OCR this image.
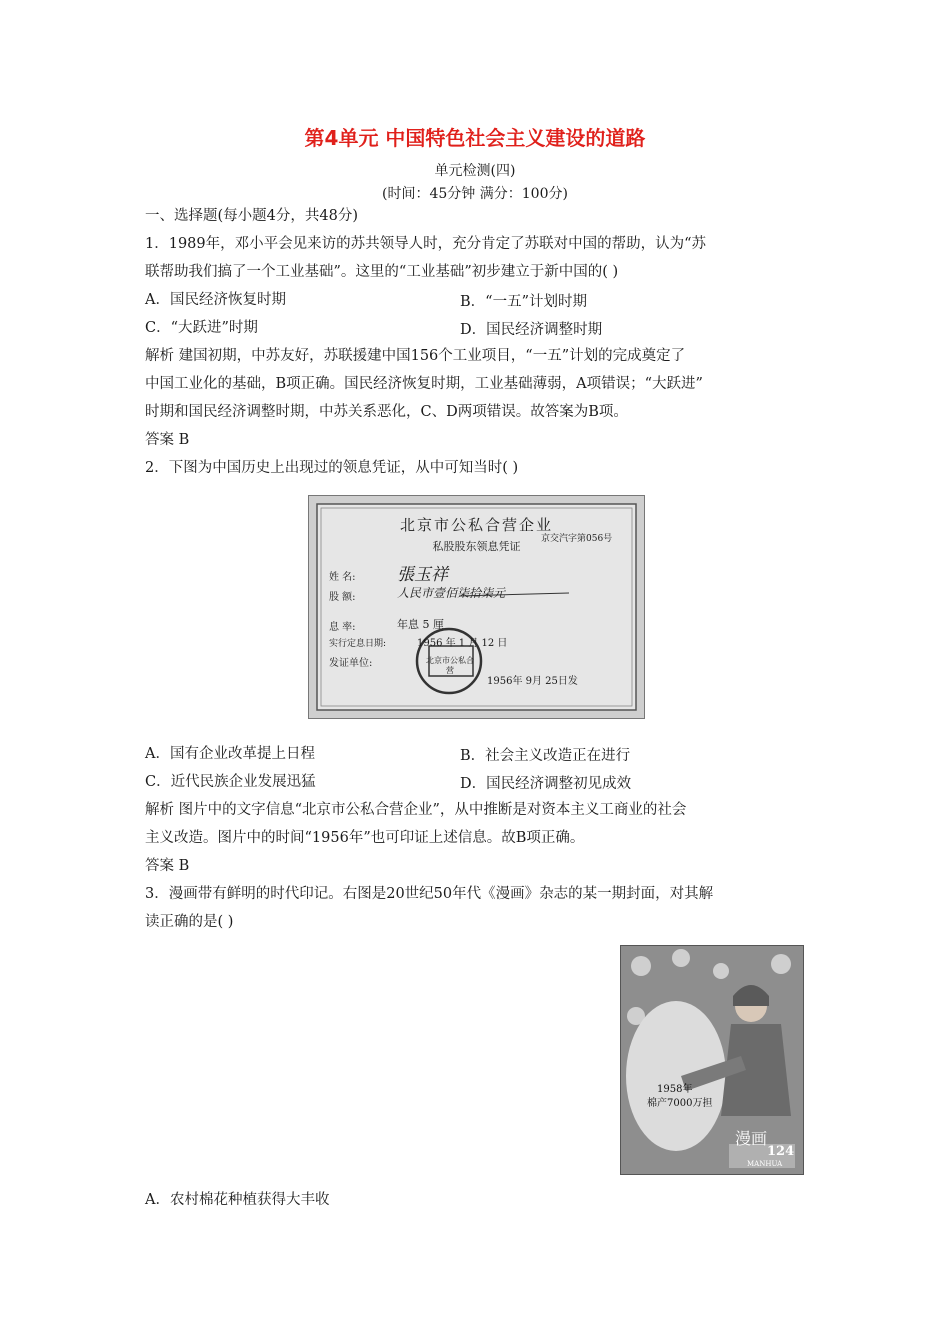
第4单元 中国特色社会主义建设的道路
单元检测(四)
(时间：45分钟 满分：100分)
一、选择题(每小题4分，共48分)
1．1989年，邓小平会见来访的苏共领导人时，充分肯定了苏联对中国的帮助，认为“苏
联帮助我们搞了一个工业基础”。这里的“工业基础”初步建立于新中国的( )
A．国民经济恢复时期	B．“一五”计划时期
C．“大跃进”时期	D．国民经济调整时期
解析 建国初期，中苏友好，苏联援建中国156个工业项目，“一五”计划的完成奠定了
中国工业化的基础，B项正确。国民经济恢复时期，工业基础薄弱，A项错误；“大跃进”
时期和国民经济调整时期，中苏关系恶化，C、D两项错误。故答案为B项。
答案 B
2．下图为中国历史上出现过的领息凭证，从中可知当时( )
北京市公私合营企业
私股股东领息凭证
京交汽字第056号
姓 名: 張玉祥
股 额:	人民市壹佰柒拾柒元
息 率:	年息 5 厘
实行定息日期:	1956 年 1 月 12 日
发证单位:	北京市公私合营
1956年 9月 25日发
A．国有企业改革提上日程	B．社会主义改造正在进行
C．近代民族企业发展迅猛	D．国民经济调整初见成效
解析 图片中的文字信息“北京市公私合营企业”，从中推断是对资本主义工商业的社会
主义改造。图片中的时间“1956年”也可印证上述信息。故B项正确。
答案 B
3．漫画带有鲜明的时代印记。右图是20世纪50年代《漫画》杂志的某一期封面，对其解
读正确的是( )
1958年
棉产7000万担
漫画
124
MANHUA
A．农村棉花种植获得大丰收
